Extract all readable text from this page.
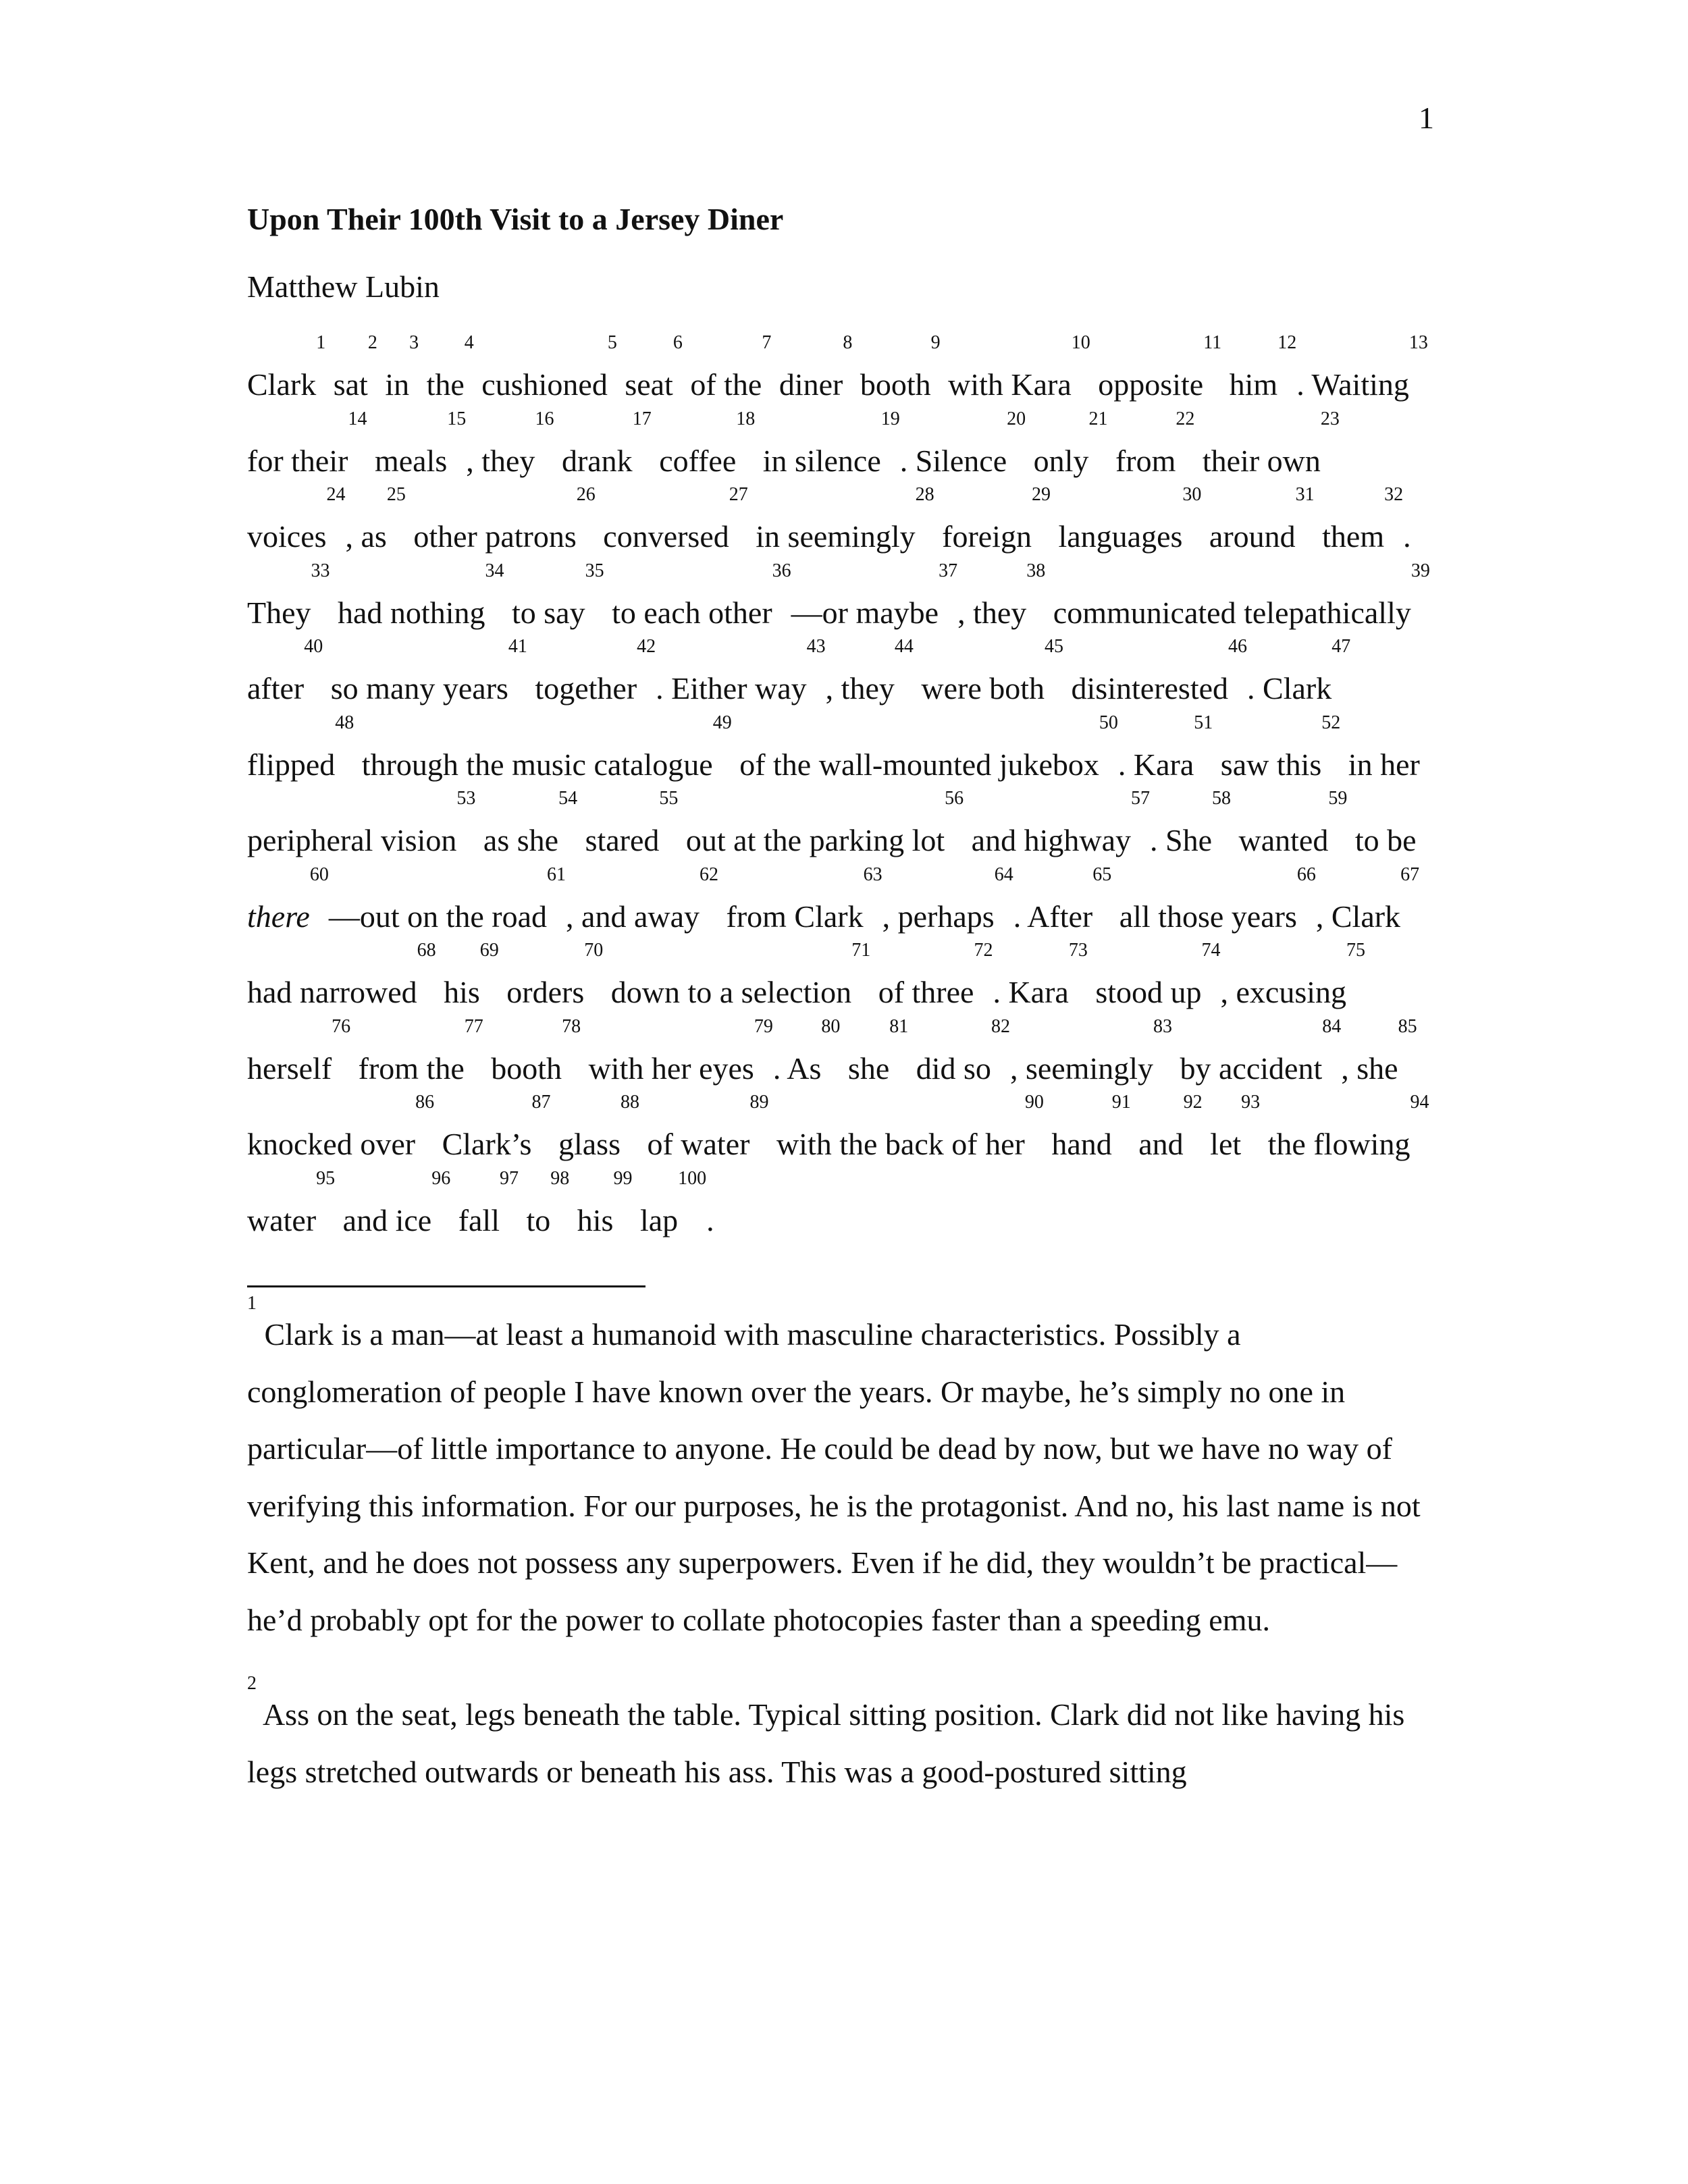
1
Upon Their 100th Visit to a Jersey Diner

Matthew Lubin

Clark$^1$ sat$^2$ $in^3$ the$^4$ cushioned$^5$ seat$^6$ of the$^7$ diner$^8$ booth$^9$ with Kara$^{10}$ opposite$^{11}$ him$^{12}$. Waiting$^{13}$ for their$^{14}$ meals$^{15}$, they$^{16}$ drank$^{17}$ coffee$^{18}$ in silence$^{19}$. Silence$^{20}$ only$^{21}$ from$^{22}$ their own$^{23}$ voices$^{24}$, $as^{25}$ other patrons$^{26}$ conversed$^{27}$ in seemingly$^{28}$ foreign$^{29}$ languages$^{30}$ around$^{31}$ them$^{32}$. They$^{33}$ had nothing$^{34}$ to say$^{35}$ to each other$^{36}$—or maybe$^{37}$, they$^{38}$ communicated telepathically$^{39}$ after$^{40}$ so many years$^{41}$ together$^{42}$. Either way$^{43}$, they$^{44}$ were both$^{45}$ disinterested$^{46}$. Clark$^{47}$ flipped$^{48}$ through the music catalogue$^{49}$ of the wall-mounted jukebox$^{50}$. Kara$^{51}$ saw this$^{52}$ in her peripheral vision$^{53}$ as she$^{54}$ stared$^{55}$ out at the parking lot$^{56}$ and highway$^{57}$. She$^{58}$ wanted$^{59}$ to be there$^{60}$—out on the road$^{61}$, and away$^{62}$ from Clark$^{63}$, perhaps$^{64}$. After$^{65}$ all those years$^{66}$, Clark$^{67}$ had narrowed$^{68}$ his$^{69}$ orders$^{70}$ down to a selection$^{71}$ of three$^{72}$. Kara$^{73}$ stood $up^{74}$, excusing$^{75}$ herself$^{76}$ from the$^{77}$ booth$^{78}$ with her eyes$^{79}$. As$^{80}$ she$^{81}$ did $so^{82}$, seemingly$^{83}$ by accident$^{84}$, she$^{85}$ knocked over$^{86}$ $Clark’s^{87}$ glass$^{88}$ of water$^{89}$ with the back of her$^{90}$ hand$^{91}$ and$^{92}$ let$^{93}$ the flowing$^{94}$ water$^{95}$ and ice$^{96}$ fall$^{97}$ $to^{98}$ his$^{99}$ lap$^{100}$.

$^1$ Clark is a man—at least a humanoid with masculine characteristics. Possibly a conglomeration of people I have known over the years. Or maybe, he’s simply no one in particular—of little importance to anyone. He could be dead by now, but we have no way of verifying this information. For our purposes, he is the protagonist. And no, his last name is not Kent, and he does not possess any superpowers. Even if he did, they wouldn’t be practical—he’d probably opt for the power to collate photocopies faster than a speeding emu.

$^2$ Ass on the seat, legs beneath the table. Typical sitting position. Clark did not like having his legs stretched outwards or beneath his ass. This was a good-postured sitting
